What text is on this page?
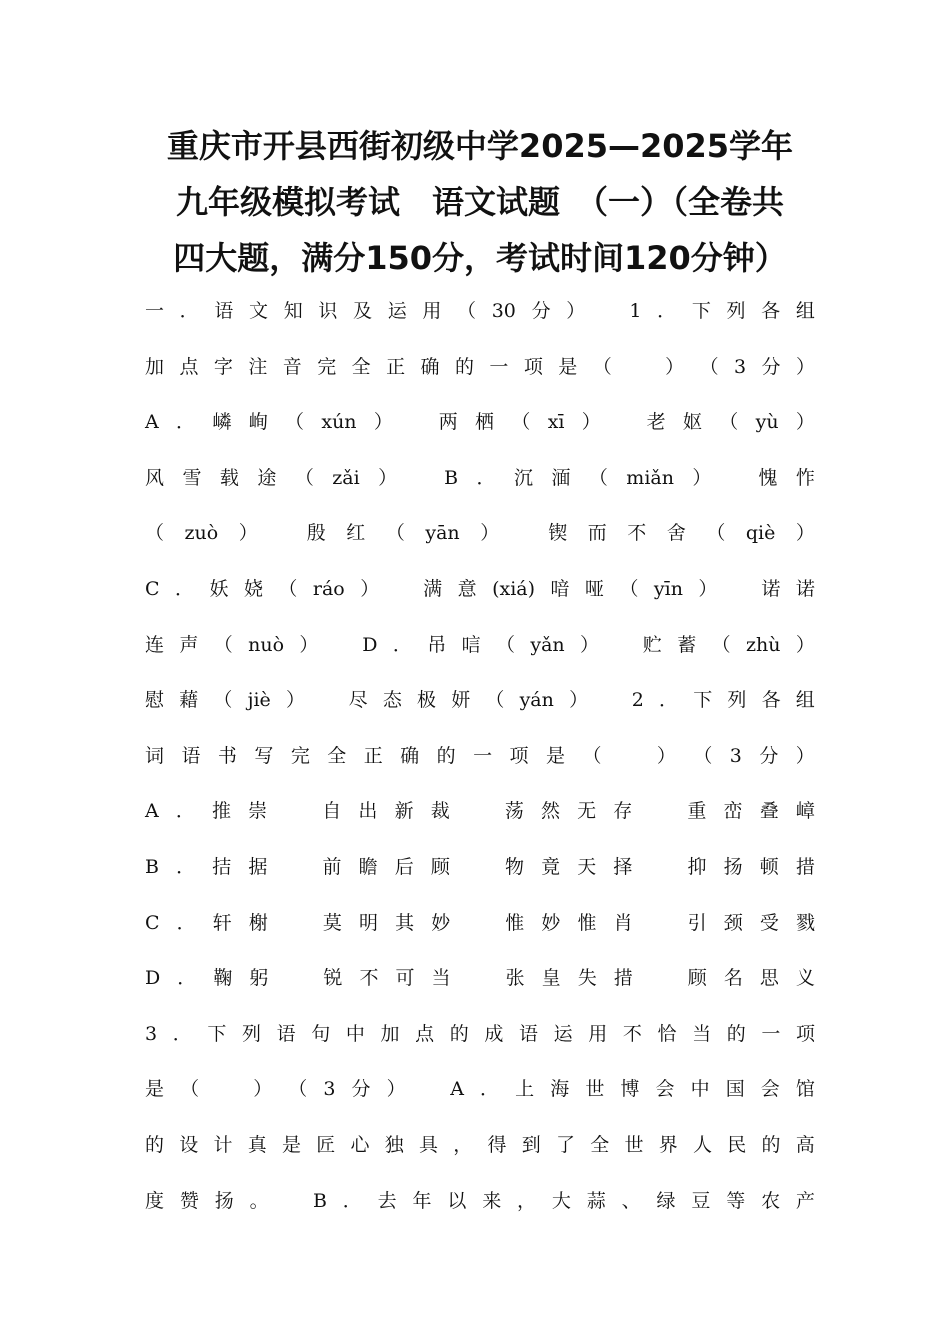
重庆市开县西街初级中学2025—2025学年
九年级模拟考试　语文试题　（一）（全卷共
四大题，满分150分，考试时间120分钟）
一 ． 语 文 知 识 及 运 用 （ 30 分 ）　　 1 ． 下 列 各 组
加 点 字 注 音 完 全 正 确 的 一 项 是 （　　 ） （ 3 分 ）
A ． 嶙 峋 （ xún ）　　 两 栖 （ xī ）　　 老 妪 （ yù ）
风 雪 载 途 （ zǎi ）　　 B ． 沉 湎 （ miǎn ）　　 愧 怍
（ zuò ）　　 殷 红 （ yān ）　　 锲 而 不 舍 （ qiè ）
C ． 妖 娆 （ ráo ）　　 满 意 (xiá) 喑 哑 （ yīn ）　　 诺 诺
连 声 （ nuò ）　　 D ． 吊 唁 （ yǎn ）　　 贮 蓄 （ zhù ）
慰 藉 （ jiè ）　　 尽 态 极 妍 （ yán ）　　 2 ． 下 列 各 组
词 语 书 写 完 全 正 确 的 一 项 是 （　　 ） （ 3 分 ）
A ． 推 崇　　 自 出 新 裁　　 荡 然 无 存　　 重 峦 叠 嶂
B ． 拮 据　　 前 瞻 后 顾　　 物 竟 天 择　　 抑 扬 顿 措
C ． 轩 榭　　 莫 明 其 妙　　 惟 妙 惟 肖　　 引 颈 受 戮
D ． 鞠 躬　　 锐 不 可 当　　 张 皇 失 措　　 顾 名 思 义
3 ． 下 列 语 句 中 加 点 的 成 语 运 用 不 恰 当 的 一 项
是 （　　 ） （ 3 分 ）　　 A ． 上 海 世 博 会 中 国 会 馆
的 设 计 真 是 匠 心 独 具 ， 得 到 了 全 世 界 人 民 的 高
度 赞 扬 。　　 B ． 去 年 以 来 ， 大 蒜 、 绿 豆 等 农 产
